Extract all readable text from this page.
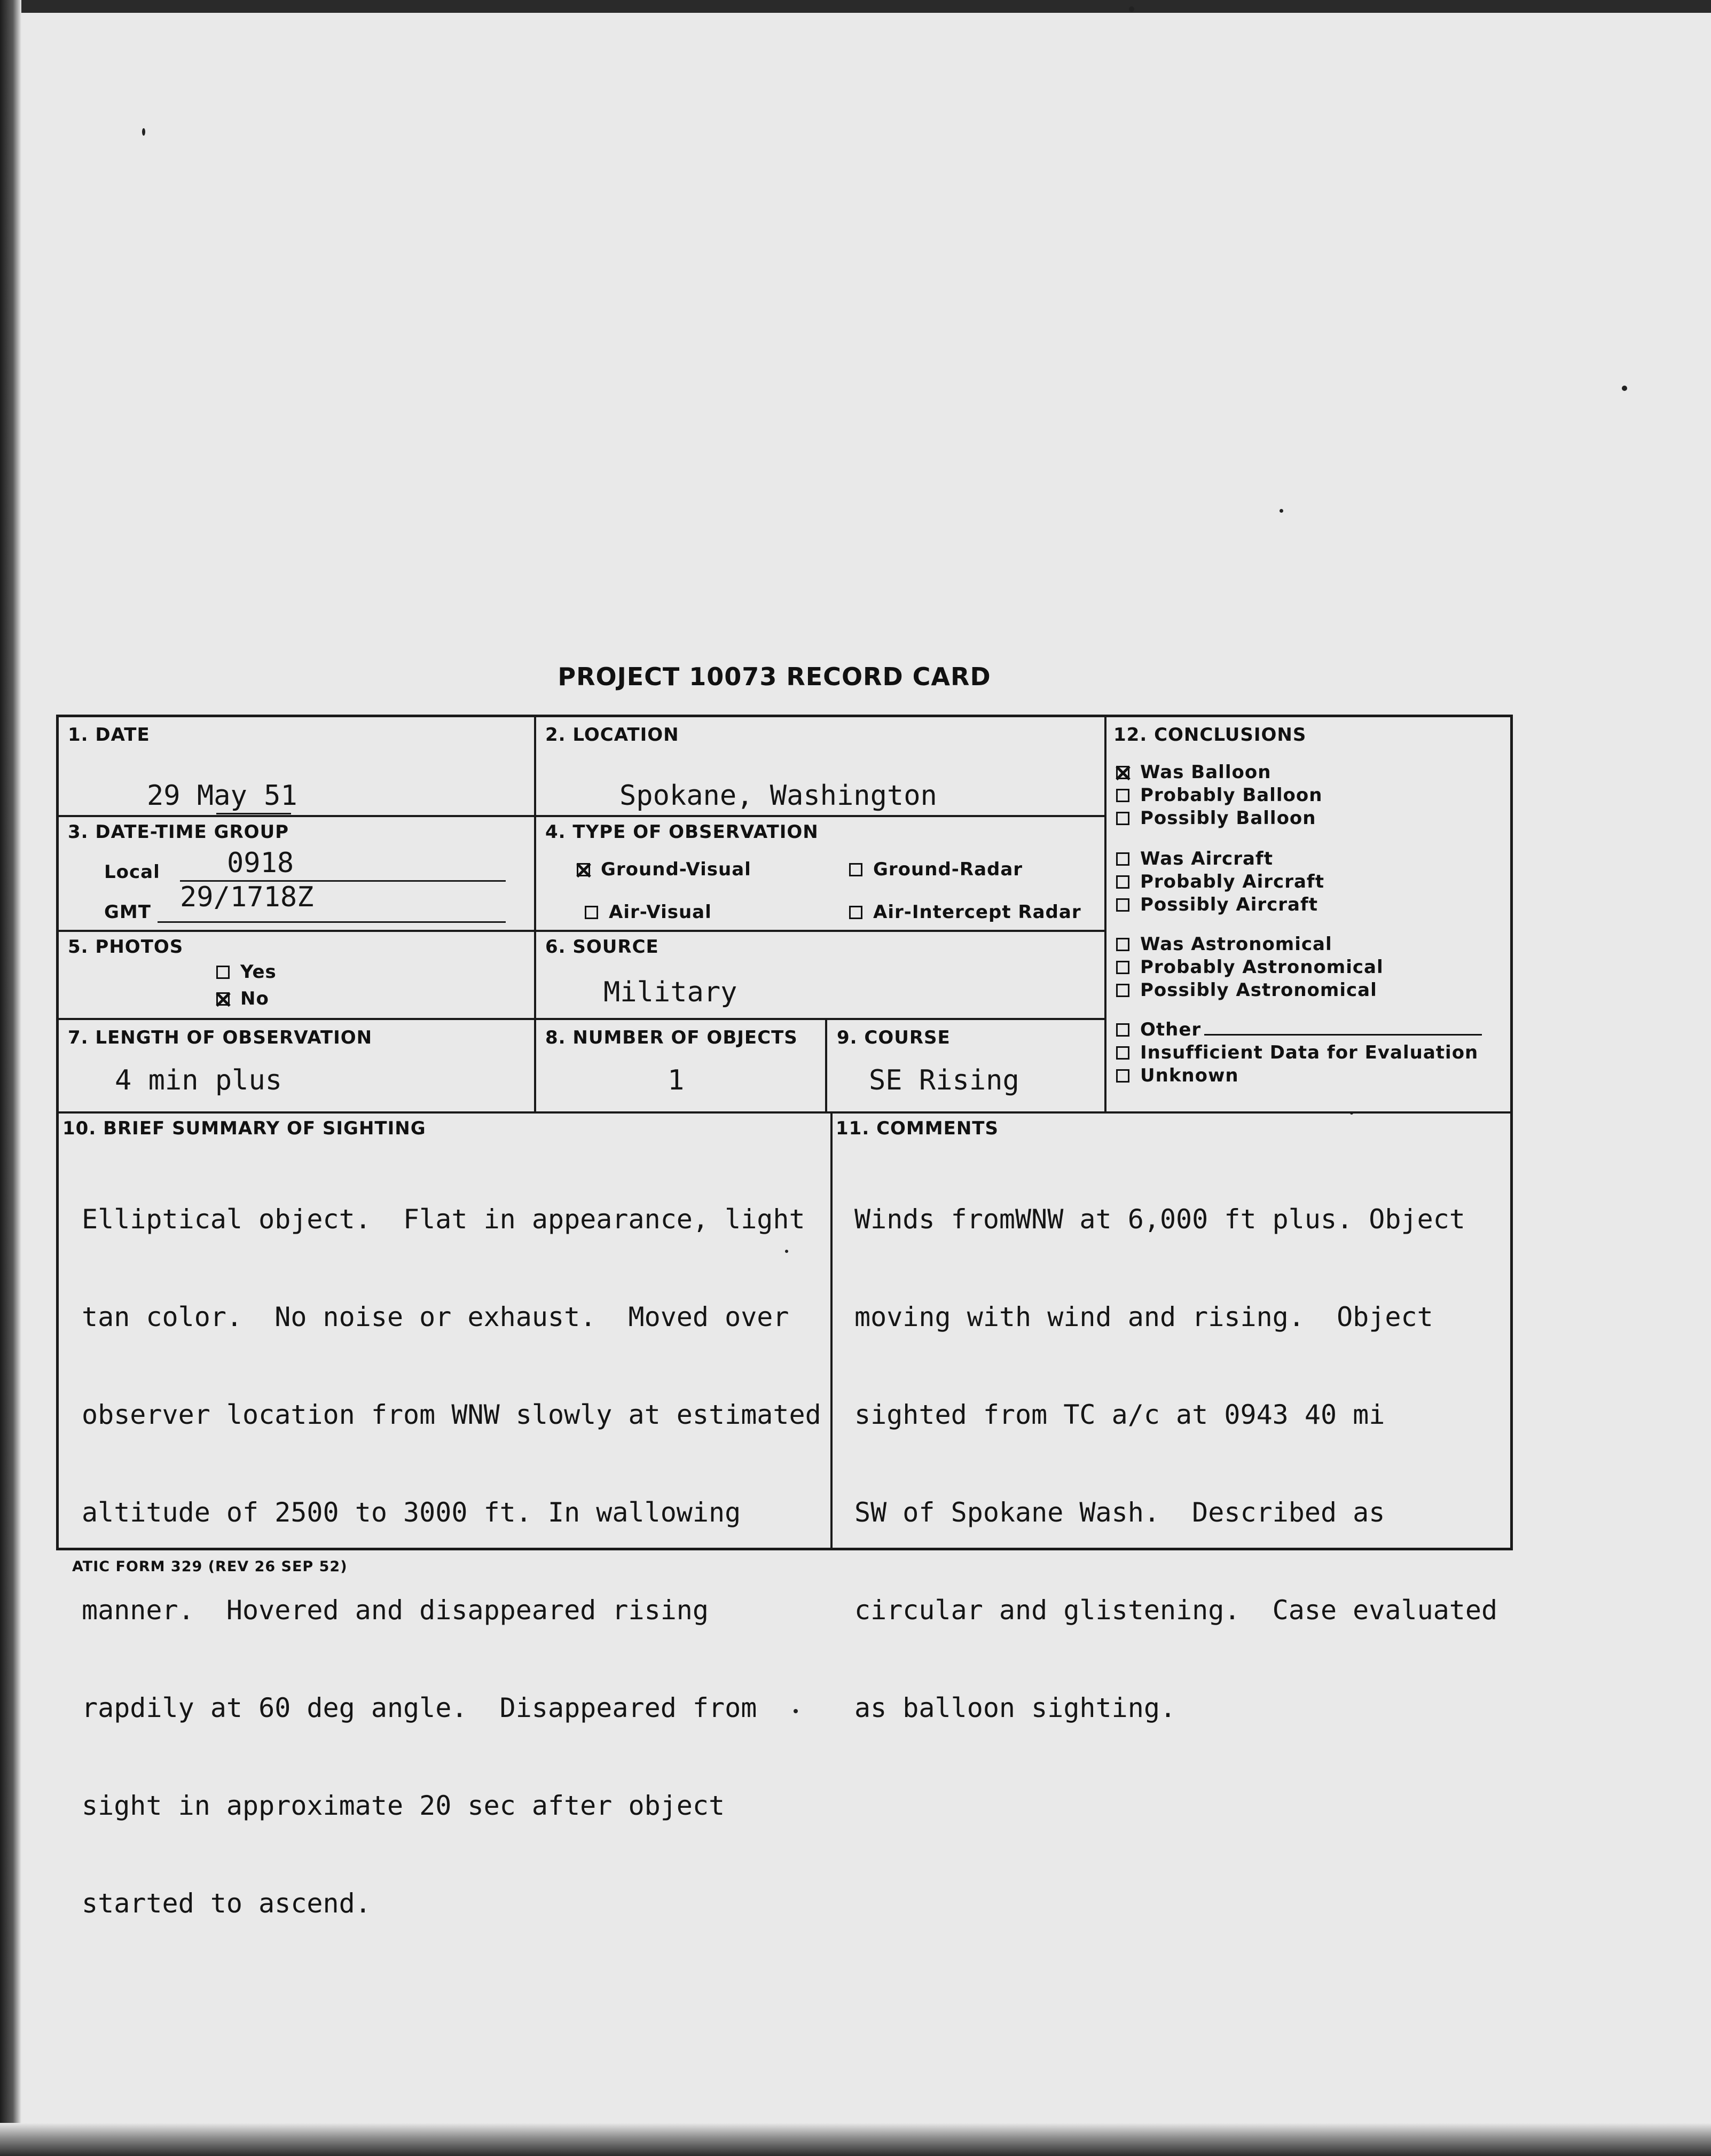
PROJECT 10073 RECORD CARD
1. DATE
29 May 51
2. LOCATION
Spokane, Washington
3. DATE-TIME GROUP
Local 0918
GMT 29/1718Z
4. TYPE OF OBSERVATION
Ground-Visual	Ground-Radar
Air-Visual	Air-Intercept Radar
5. PHOTOS
Yes
No
6. SOURCE
Military
7. LENGTH OF OBSERVATION
4 min plus
8. NUMBER OF OBJECTS
1
9. COURSE
SE Rising
12. CONCLUSIONS
Was Balloon
Probably Balloon
Possibly Balloon
Was Aircraft
Probably Aircraft
Possibly Aircraft
Was Astronomical
Probably Astronomical
Possibly Astronomical
Other
Insufficient Data for Evaluation
Unknown
10. BRIEF SUMMARY OF SIGHTING

Elliptical object.  Flat in appearance, light

tan color.  No noise or exhaust.  Moved over

observer location from WNW slowly at estimated

altitude of 2500 to 3000 ft. In wallowing

manner.  Hovered and disappeared rising

rapdily at 60 deg angle.  Disappeared from

sight in approximate 20 sec after object

started to ascend.

11. COMMENTS

Winds fromWNW at 6,000 ft plus. Object

moving with wind and rising.  Object

sighted from TC a/c at 0943 40 mi

SW of Spokane Wash.  Described as

circular and glistening.  Case evaluated

as balloon sighting.

ATIC FORM 329 (REV 26 SEP 52)
